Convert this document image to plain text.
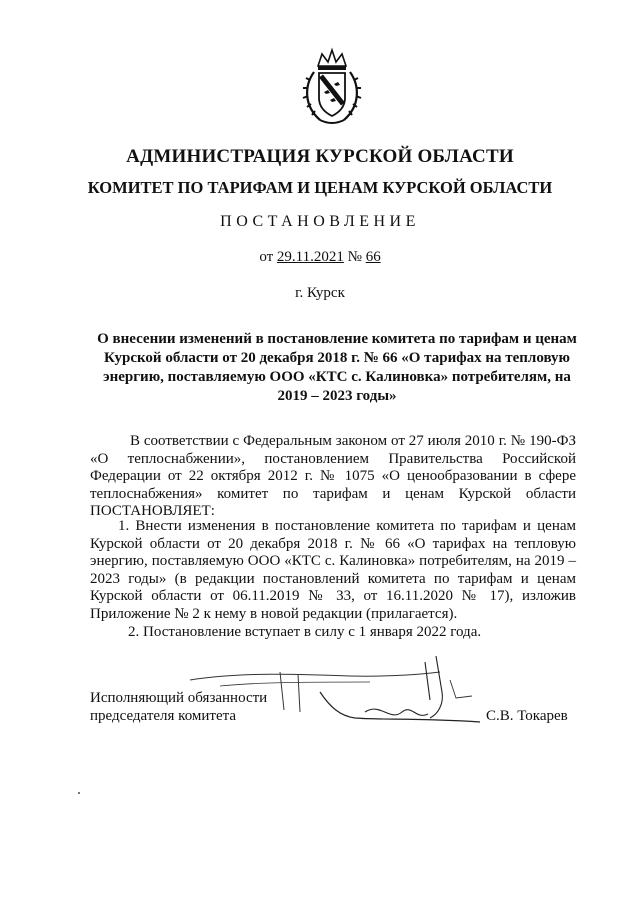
АДМИНИСТРАЦИЯ КУРСКОЙ ОБЛАСТИ
КОМИТЕТ ПО ТАРИФАМ И ЦЕНАМ КУРСКОЙ ОБЛАСТИ
ПОСТАНОВЛЕНИЕ
от 29.11.2021 № 66
г. Курск
О внесении изменений в постановление комитета по тарифам и ценам Курской области от 20 декабря 2018 г. № 66 «О тарифах на тепловую энергию, поставляемую ООО «КТС с. Калиновка» потребителям, на 2019 – 2023 годы»
В соответствии с Федеральным законом от 27 июля 2010 г. № 190-ФЗ «О теплоснабжении», постановлением Правительства Российской Федерации от 22 октября 2012 г. № 1075 «О ценообразовании в сфере теплоснабжения» комитет по тарифам и ценам Курской области ПОСТАНОВЛЯЕТ:
1. Внести изменения в постановление комитета по тарифам и ценам Курской области от 20 декабря 2018 г. № 66 «О тарифах на тепловую энергию, поставляемую ООО «КТС с. Калиновка» потребителям, на 2019 – 2023 годы» (в редакции постановлений комитета по тарифам и ценам Курской области от 06.11.2019 № 33, от 16.11.2020 № 17), изложив Приложение № 2 к нему в новой редакции (прилагается).
2. Постановление вступает в силу с 1 января 2022 года.
Исполняющий обязанности
председателя комитета	С.В. Токарев
